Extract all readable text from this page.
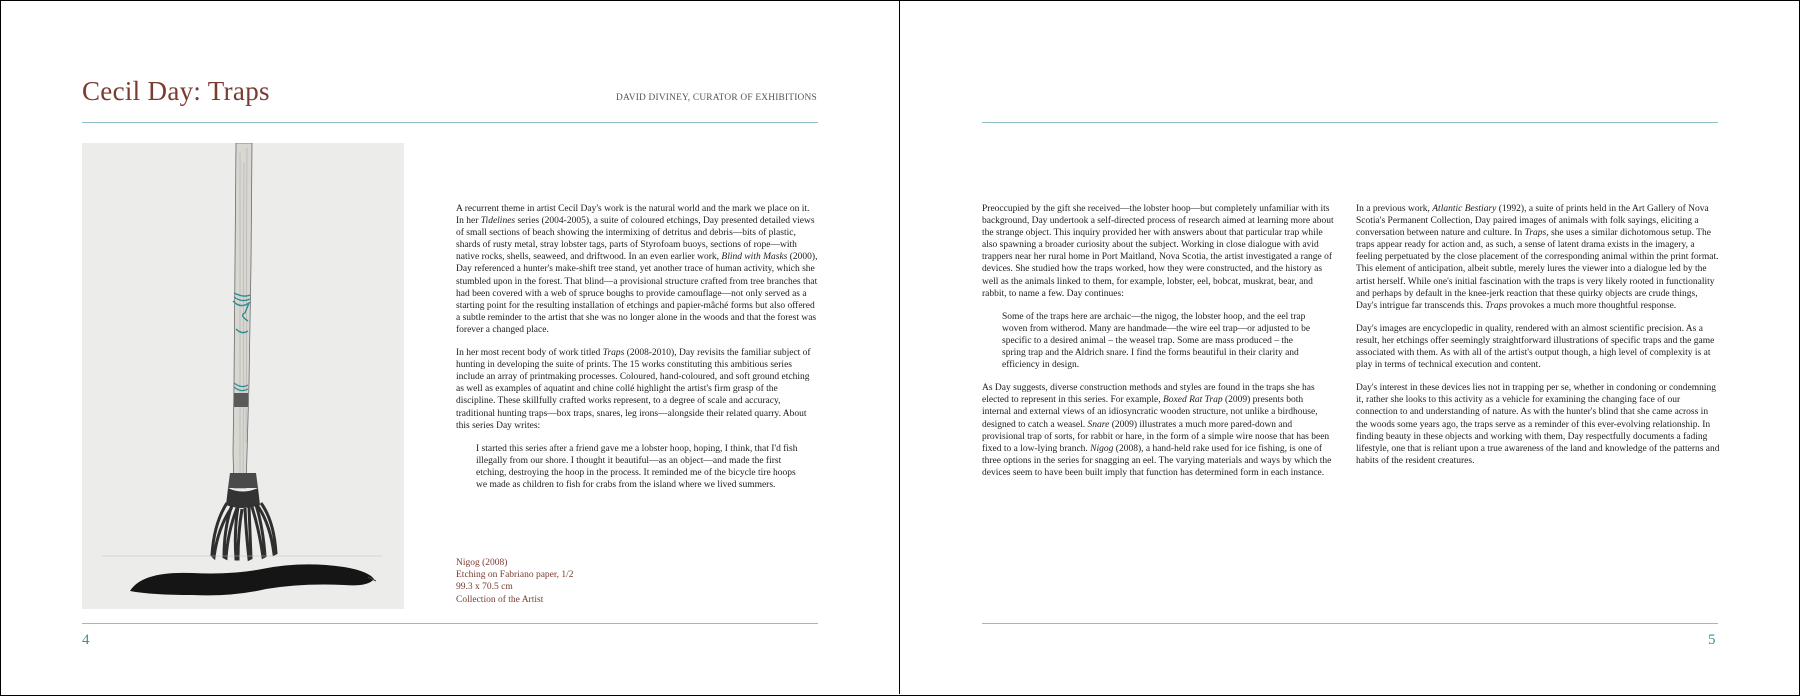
Cecil Day: Traps	DAVID DIVINEY, CURATOR OF EXHIBITIONS

A recurrent theme in artist Cecil Day's work is the natural world and the mark we place on it. In her Tidelines series (2004-2005), a suite of coloured etchings, Day presented detailed views of small sections of beach showing the intermixing of detritus and debris—bits of plastic, shards of rusty metal, stray lobster tags, parts of Styrofoam buoys, sections of rope—with native rocks, shells, seaweed, and driftwood. In an even earlier work, Blind with Masks (2000), Day referenced a hunter's make-shift tree stand, yet another trace of human activity, which she stumbled upon in the forest. That blind—a provisional structure crafted from tree branches that had been covered with a web of spruce boughs to provide camouflage—not only served as a starting point for the resulting installation of etchings and papier-mâché forms but also offered a subtle reminder to the artist that she was no longer alone in the woods and that the forest was forever a changed place.

In her most recent body of work titled Traps (2008-2010), Day revisits the familiar subject of hunting in developing the suite of prints. The 15 works constituting this ambitious series include an array of printmaking processes. Coloured, hand-coloured, and soft ground etching as well as examples of aquatint and chine collé highlight the artist's firm grasp of the discipline. These skillfully crafted works represent, to a degree of scale and accuracy, traditional hunting traps—box traps, snares, leg irons—alongside their related quarry. About this series Day writes:

I started this series after a friend gave me a lobster hoop, hoping, I think, that I'd fish illegally from our shore. I thought it beautiful—as an object—and made the first etching, destroying the hoop in the process. It reminded me of the bicycle tire hoops we made as children to fish for crabs from the island where we lived summers.
Nigog (2008)
Etching on Fabriano paper, 1/2
99.3 x 70.5 cm
Collection of the Artist
4

Preoccupied by the gift she received—the lobster hoop—but completely unfamiliar with its background, Day undertook a self-directed process of research aimed at learning more about the strange object. This inquiry provided her with answers about that particular trap while also spawning a broader curiosity about the subject. Working in close dialogue with avid trappers near her rural home in Port Maitland, Nova Scotia, the artist investigated a range of devices. She studied how the traps worked, how they were constructed, and the history as well as the animals linked to them, for example, lobster, eel, bobcat, muskrat, bear, and rabbit, to name a few. Day continues:

Some of the traps here are archaic—the nigog, the lobster hoop, and the eel trap woven from witherod. Many are handmade—the wire eel trap—or adjusted to be specific to a desired animal – the weasel trap. Some are mass produced – the spring trap and the Aldrich snare. I find the forms beautiful in their clarity and efficiency in design.

As Day suggests, diverse construction methods and styles are found in the traps she has elected to represent in this series. For example, Boxed Rat Trap (2009) presents both internal and external views of an idiosyncratic wooden structure, not unlike a birdhouse, designed to catch a weasel. Snare (2009) illustrates a much more pared-down and provisional trap of sorts, for rabbit or hare, in the form of a simple wire noose that has been fixed to a low-lying branch. Nigog (2008), a hand-held rake used for ice fishing, is one of three options in the series for snagging an eel. The varying materials and ways by which the devices seem to have been built imply that function has determined form in each instance.

In a previous work, Atlantic Bestiary (1992), a suite of prints held in the Art Gallery of Nova Scotia's Permanent Collection, Day paired images of animals with folk sayings, eliciting a conversation between nature and culture. In Traps, she uses a similar dichotomous setup. The traps appear ready for action and, as such, a sense of latent drama exists in the imagery, a feeling perpetuated by the close placement of the corresponding animal within the print format. This element of anticipation, albeit subtle, merely lures the viewer into a dialogue led by the artist herself. While one's initial fascination with the traps is very likely rooted in functionality and perhaps by default in the knee-jerk reaction that these quirky objects are crude things, Day's intrigue far transcends this. Traps provokes a much more thoughtful response.

Day's images are encyclopedic in quality, rendered with an almost scientific precision. As a result, her etchings offer seemingly straightforward illustrations of specific traps and the game associated with them. As with all of the artist's output though, a high level of complexity is at play in terms of technical execution and content.

Day's interest in these devices lies not in trapping per se, whether in condoning or condemning it, rather she looks to this activity as a vehicle for examining the changing face of our connection to and understanding of nature. As with the hunter's blind that she came across in the woods some years ago, the traps serve as a reminder of this ever-evolving relationship. In finding beauty in these objects and working with them, Day respectfully documents a fading lifestyle, one that is reliant upon a true awareness of the land and knowledge of the patterns and habits of the resident creatures.

5
